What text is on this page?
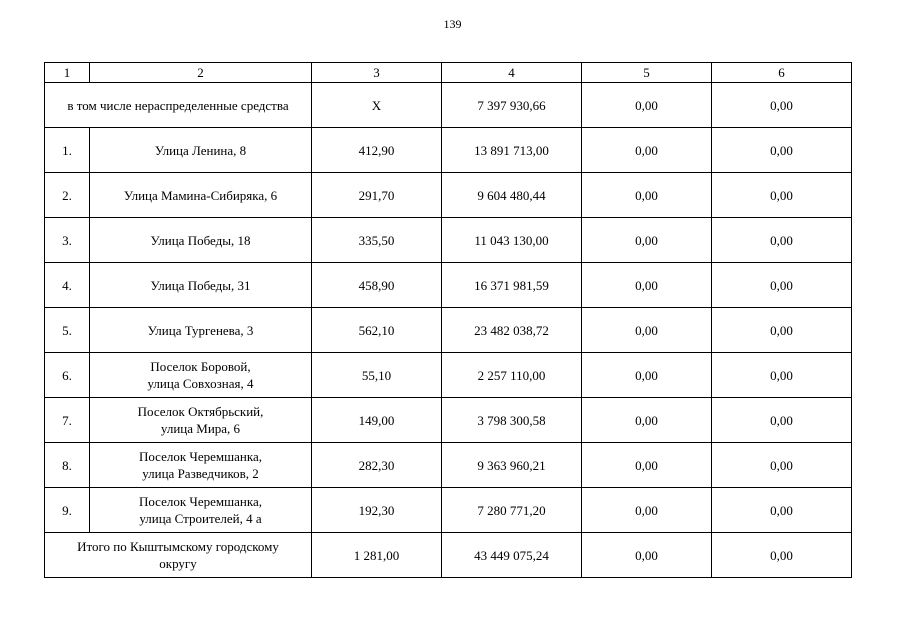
139
1	2	3	4	5	6
в том числе нераспределенные средства		Х	7 397 930,66	0,00	0,00
1.	Улица Ленина, 8	412,90	13 891 713,00	0,00	0,00
2.	Улица Мамина-Сибиряка, 6	291,70	9 604 480,44	0,00	0,00
3.	Улица Победы, 18	335,50	11 043 130,00	0,00	0,00
4.	Улица Победы, 31	458,90	16 371 981,59	0,00	0,00
5.	Улица Тургенева, 3	562,10	23 482 038,72	0,00	0,00
6.	Поселок Боровой,
улица Совхозная, 4	55,10	2 257 110,00	0,00	0,00
7.	Поселок Октябрьский,
улица Мира, 6	149,00	3 798 300,58	0,00	0,00
8.	Поселок Черемшанка,
улица Разведчиков, 2	282,30	9 363 960,21	0,00	0,00
9.	Поселок Черемшанка,
улица Строителей, 4 а	192,30	7 280 771,20	0,00	0,00
Итого по Кыштымскому городскому
округу		1 281,00	43 449 075,24	0,00	0,00
